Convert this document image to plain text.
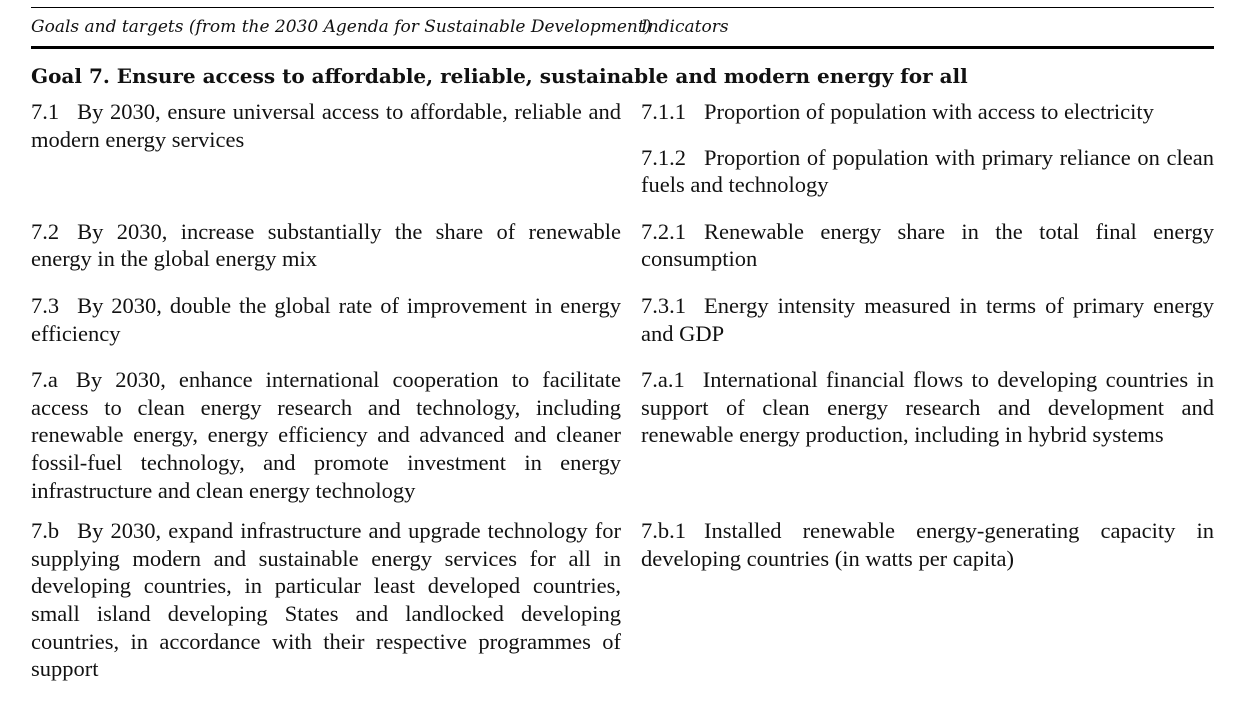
Goals and targets (from the 2030 Agenda for Sustainable Development)
Indicators
Goal 7. Ensure access to affordable, reliable, sustainable and modern energy for all

7.1 By 2030, ensure universal access to affordable, reliable and modern energy services

7.1.1 Proportion of population with access to electricity

7.1.2 Proportion of population with primary reliance on clean fuels and technology

7.2 By 2030, increase substantially the share of renewable energy in the global energy mix

7.2.1 Renewable energy share in the total final energy consumption

7.3 By 2030, double the global rate of improvement in energy efficiency

7.3.1 Energy intensity measured in terms of primary energy and GDP

7.a By 2030, enhance international cooperation to facilitate access to clean energy research and technology, including renewable energy, energy efficiency and advanced and cleaner fossil-fuel technology, and promote investment in energy infrastructure and clean energy technology

7.a.1 International financial flows to developing countries in support of clean energy research and development and renewable energy production, including in hybrid systems

7.b By 2030, expand infrastructure and upgrade technology for supplying modern and sustainable energy services for all in developing countries, in particular least developed countries, small island developing States and landlocked developing countries, in accordance with their respective programmes of support

7.b.1 Installed renewable energy-generating capacity in developing countries (in watts per capita)
